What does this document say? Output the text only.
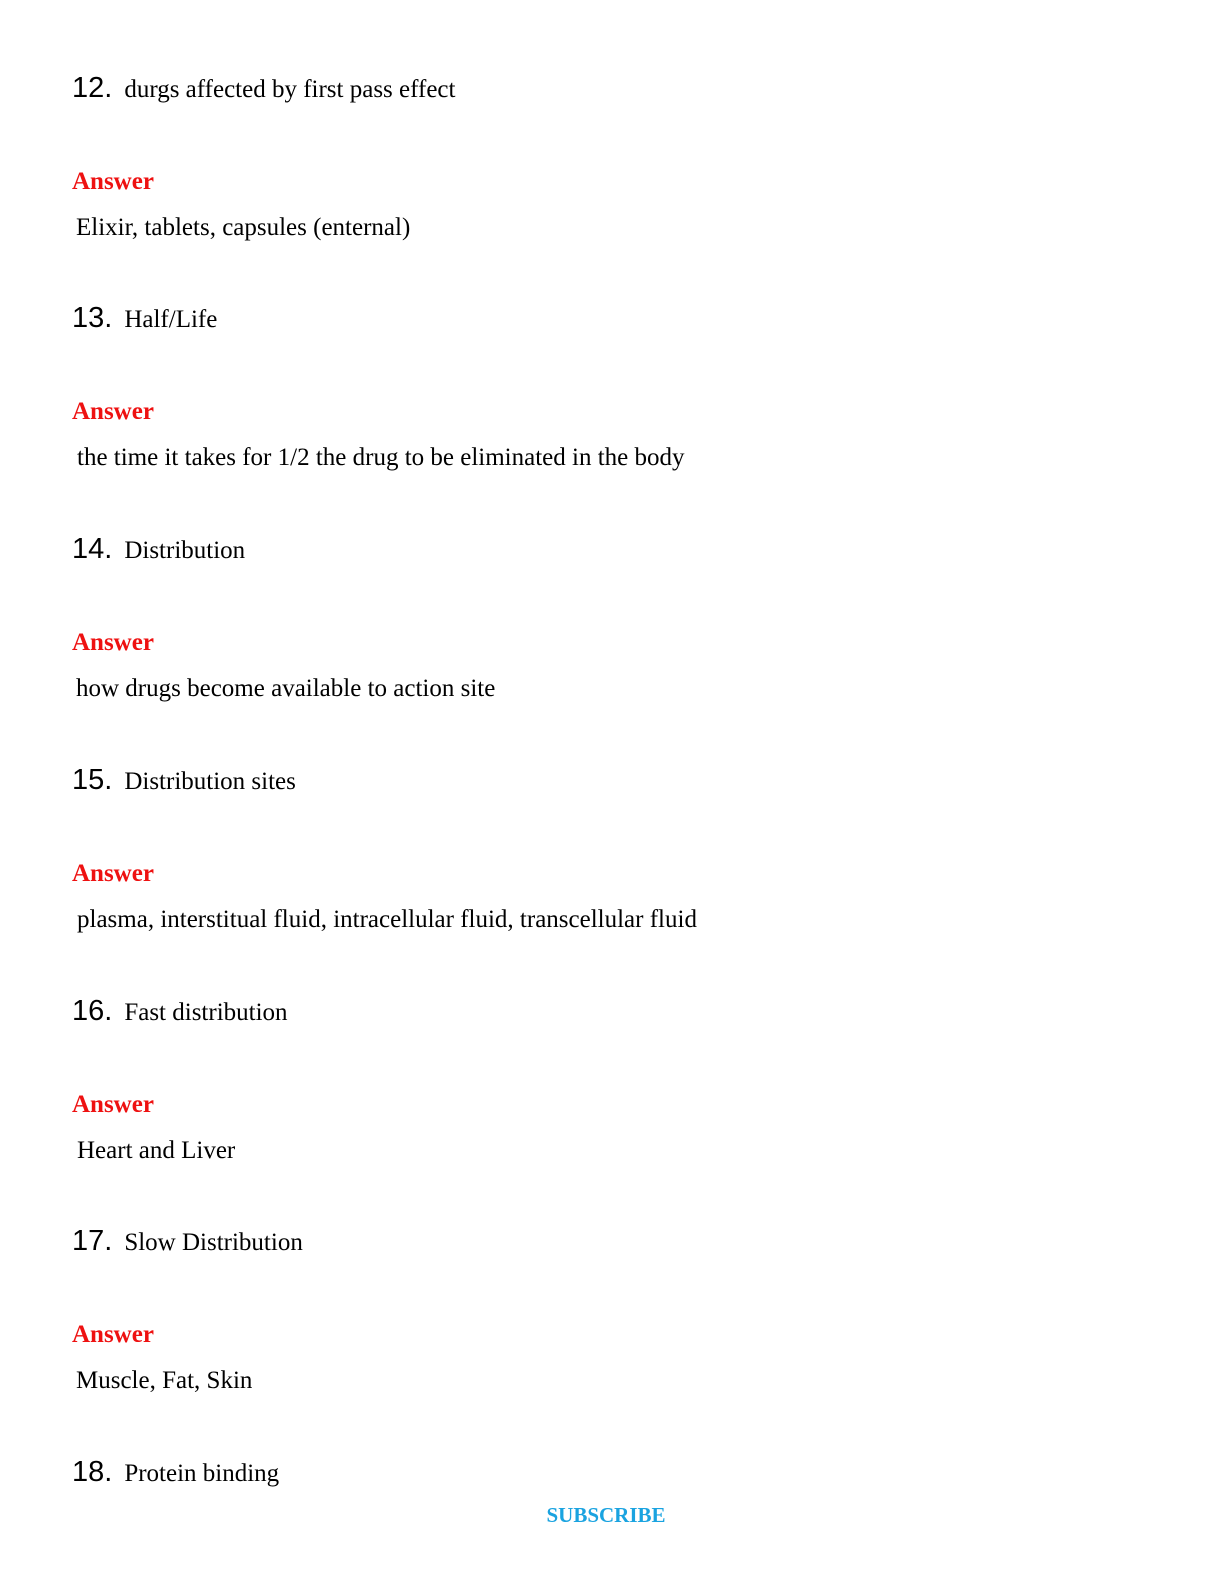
12. durgs affected by first pass effect
Answer
Elixir, tablets, capsules (enternal)
13. Half/Life
Answer
the time it takes for 1/2 the drug to be eliminated in the body
14. Distribution
Answer
how drugs become available to action site
15. Distribution sites
Answer
plasma, interstitual fluid, intracellular fluid, transcellular fluid
16. Fast distribution
Answer
Heart and Liver
17. Slow Distribution
Answer
Muscle, Fat, Skin
18. Protein binding
SUBSCRIBE
